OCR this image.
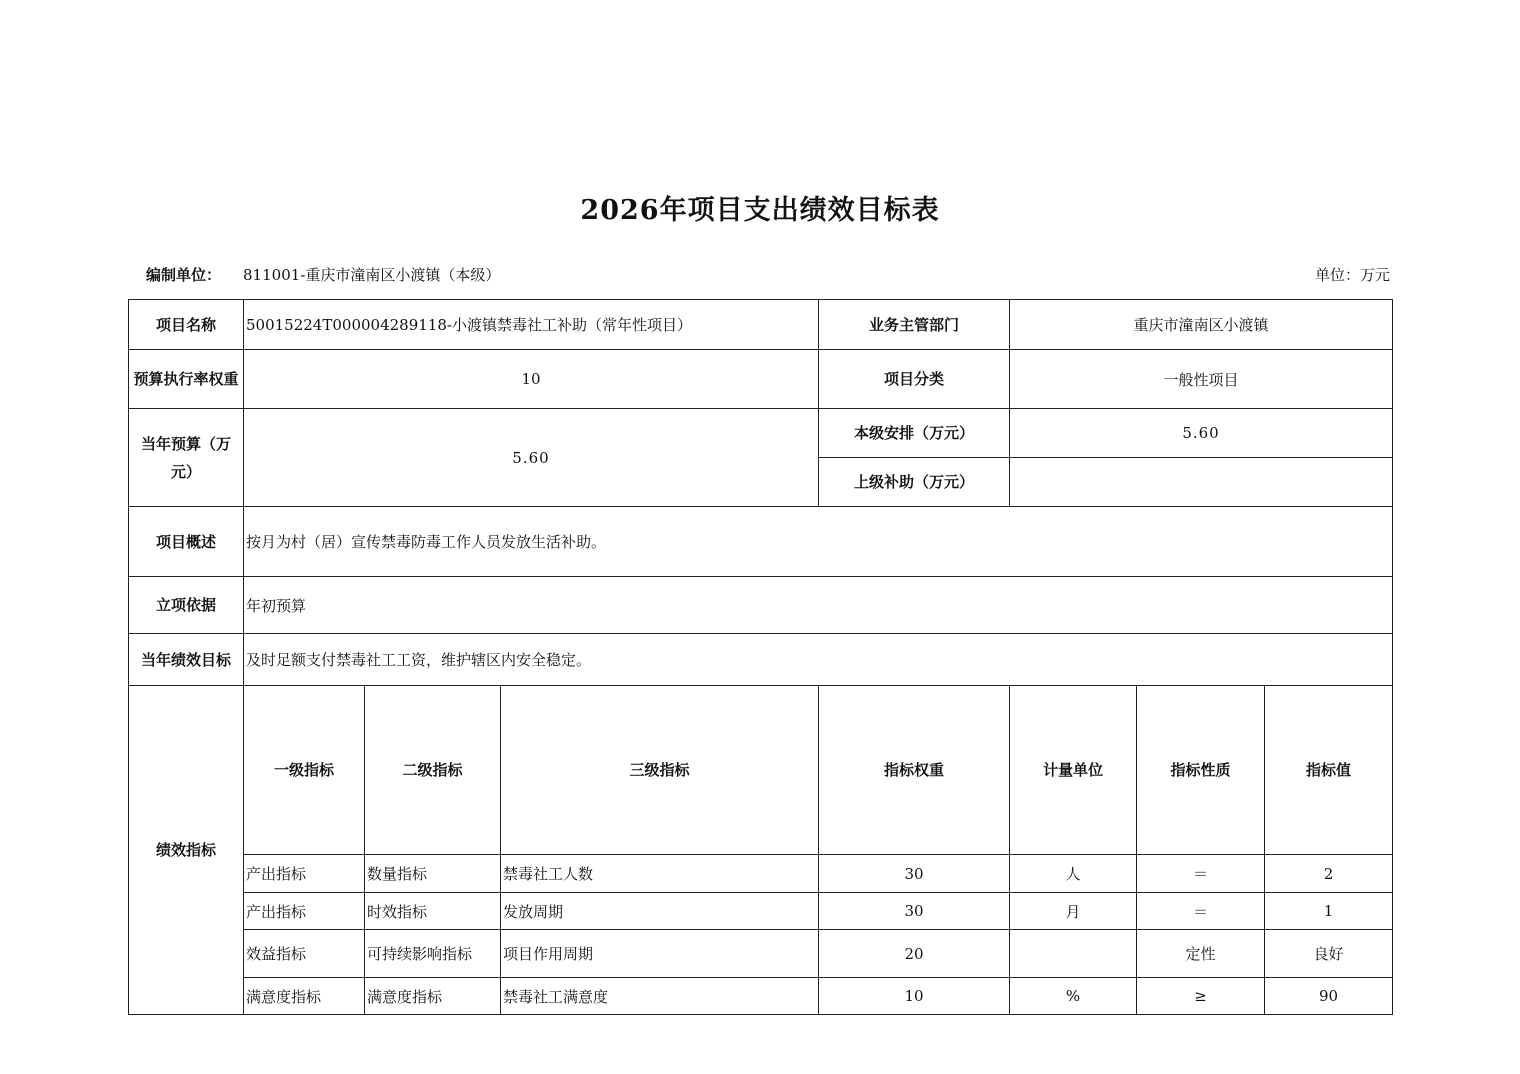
2026年项目支出绩效目标表
编制单位： 811001-重庆市潼南区小渡镇（本级）	单位：万元
项目名称	50015224T000004289118-小渡镇禁毒社工补助（常年性项目）			业务主管部门	重庆市潼南区小渡镇			
预算执行率权重	10			项目分类	一般性项目			
当年预算（万元）	5.60			本级安排（万元）	5.60			
				上级补助（万元）				
项目概述	按月为村（居）宣传禁毒防毒工作人员发放生活补助。							
立项依据	年初预算							
当年绩效目标	及时足额支付禁毒社工工资，维护辖区内安全稳定。							
绩效指标	一级指标	二级指标	三级指标	指标权重	计量单位	指标性质	指标值	
	产出指标	数量指标	禁毒社工人数	30	人	＝	2	
	产出指标	时效指标	发放周期	30	月	＝	1	
	效益指标	可持续影响指标	项目作用周期	20		定性	良好	
	满意度指标	满意度指标	禁毒社工满意度	10	%	≥	90	
